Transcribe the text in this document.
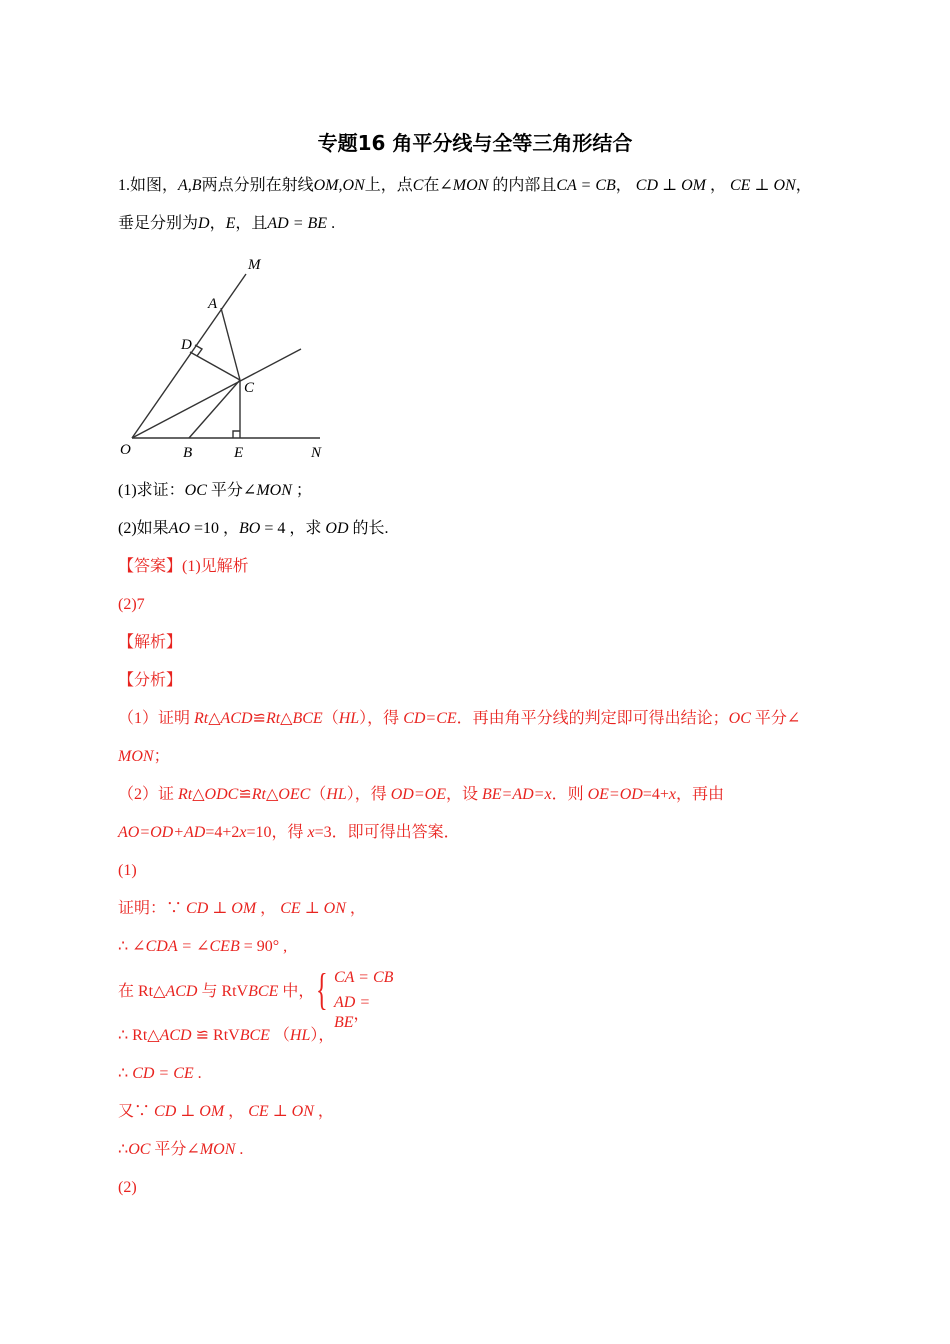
专题16 角平分线与全等三角形结合
1.如图，A,B两点分别在射线OM,ON上，点C在∠MON 的内部且CA = CB， CD ⊥ OM ， CE ⊥ ON，
垂足分别为D，E，且AD = BE .
M
A
D
C
O	B	E	N
(1)求证：OC 平分∠MON ；
(2)如果AO =10 ，BO = 4 ，求 OD 的长.
【答案】(1)见解析
(2)7
【解析】
【分析】
（1）证明 Rt△ACD≌Rt△BCE（HL），得 CD=CE．再由角平分线的判定即可得出结论；OC 平分∠
MON；
（2）证 Rt△ODC≌Rt△OEC（HL），得 OD=OE，设 BE=AD=x．则 OE=OD=4+x，再由
AO=OD+AD=4+2x=10，得 x=3．即可得出答案．
(1)
证明：∵ CD ⊥ OM ， CE ⊥ ON ，
∴ ∠CDA = ∠CEB = 90° ,
在 Rt△ACD 与 RtVBCE 中， { CA = CB
AD = BE，
∴ Rt△ACD ≌ RtVBCE （HL），
∴ CD = CE .
又∵ CD ⊥ OM ， CE ⊥ ON ，
∴OC 平分∠MON .
(2)
